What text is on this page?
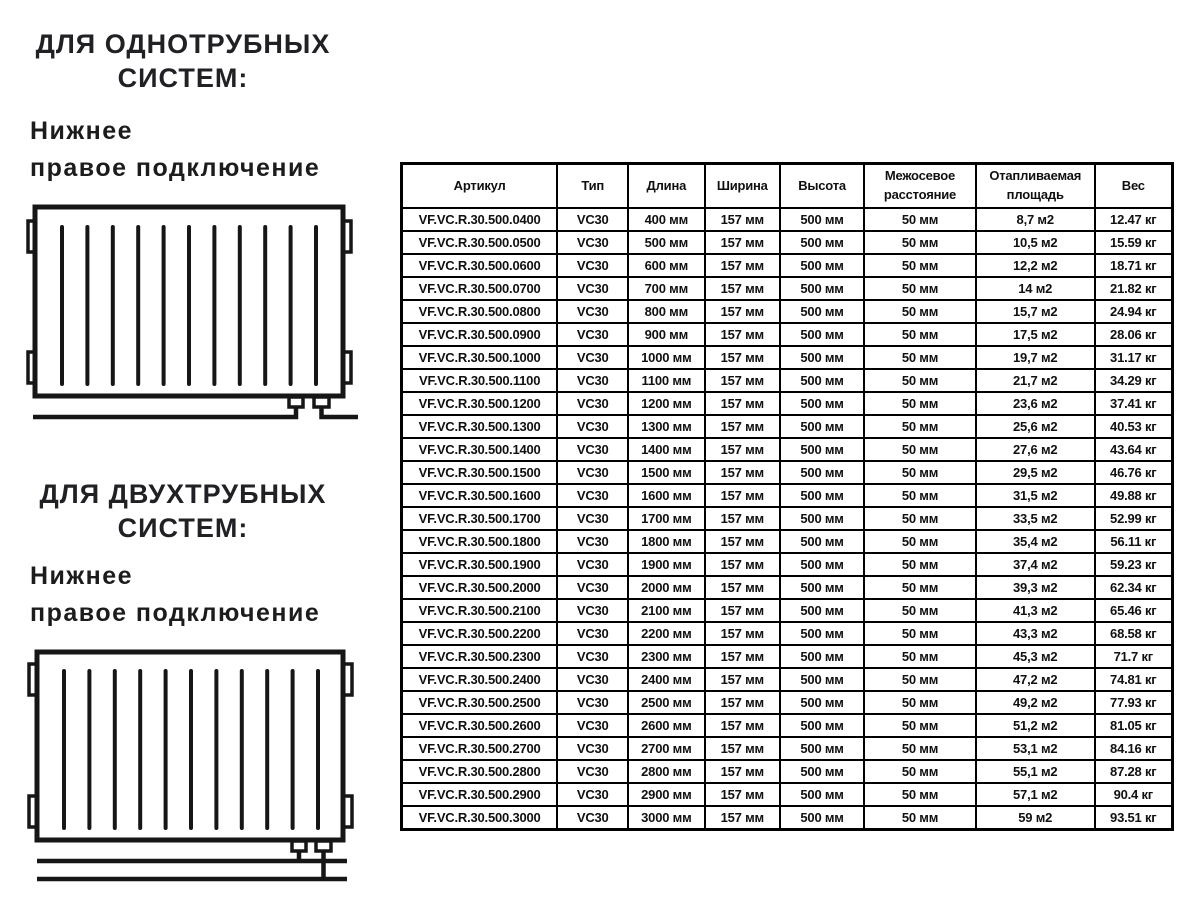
ДЛЯ ОДНОТРУБНЫХ
СИСТЕМ:
Нижнее
правое подключение
ДЛЯ ДВУХТРУБНЫХ
СИСТЕМ:
Нижнее
правое подключение
Артикул	Тип	Длина	Ширина	Высота	Межосевое расстояние	Отапливаемая площадь	Вес
VF.VC.R.30.500.0400	VC30	400 мм	157 мм	500 мм	50 мм	8,7 м2	12.47 кг
VF.VC.R.30.500.0500	VC30	500 мм	157 мм	500 мм	50 мм	10,5 м2	15.59 кг
VF.VC.R.30.500.0600	VC30	600 мм	157 мм	500 мм	50 мм	12,2 м2	18.71 кг
VF.VC.R.30.500.0700	VC30	700 мм	157 мм	500 мм	50 мм	14 м2	21.82 кг
VF.VC.R.30.500.0800	VC30	800 мм	157 мм	500 мм	50 мм	15,7 м2	24.94 кг
VF.VC.R.30.500.0900	VC30	900 мм	157 мм	500 мм	50 мм	17,5 м2	28.06 кг
VF.VC.R.30.500.1000	VC30	1000 мм	157 мм	500 мм	50 мм	19,7 м2	31.17 кг
VF.VC.R.30.500.1100	VC30	1100 мм	157 мм	500 мм	50 мм	21,7 м2	34.29 кг
VF.VC.R.30.500.1200	VC30	1200 мм	157 мм	500 мм	50 мм	23,6 м2	37.41 кг
VF.VC.R.30.500.1300	VC30	1300 мм	157 мм	500 мм	50 мм	25,6 м2	40.53 кг
VF.VC.R.30.500.1400	VC30	1400 мм	157 мм	500 мм	50 мм	27,6 м2	43.64 кг
VF.VC.R.30.500.1500	VC30	1500 мм	157 мм	500 мм	50 мм	29,5 м2	46.76 кг
VF.VC.R.30.500.1600	VC30	1600 мм	157 мм	500 мм	50 мм	31,5 м2	49.88 кг
VF.VC.R.30.500.1700	VC30	1700 мм	157 мм	500 мм	50 мм	33,5 м2	52.99 кг
VF.VC.R.30.500.1800	VC30	1800 мм	157 мм	500 мм	50 мм	35,4 м2	56.11 кг
VF.VC.R.30.500.1900	VC30	1900 мм	157 мм	500 мм	50 мм	37,4 м2	59.23 кг
VF.VC.R.30.500.2000	VC30	2000 мм	157 мм	500 мм	50 мм	39,3 м2	62.34 кг
VF.VC.R.30.500.2100	VC30	2100 мм	157 мм	500 мм	50 мм	41,3 м2	65.46 кг
VF.VC.R.30.500.2200	VC30	2200 мм	157 мм	500 мм	50 мм	43,3 м2	68.58 кг
VF.VC.R.30.500.2300	VC30	2300 мм	157 мм	500 мм	50 мм	45,3 м2	71.7 кг
VF.VC.R.30.500.2400	VC30	2400 мм	157 мм	500 мм	50 мм	47,2 м2	74.81 кг
VF.VC.R.30.500.2500	VC30	2500 мм	157 мм	500 мм	50 мм	49,2 м2	77.93 кг
VF.VC.R.30.500.2600	VC30	2600 мм	157 мм	500 мм	50 мм	51,2 м2	81.05 кг
VF.VC.R.30.500.2700	VC30	2700 мм	157 мм	500 мм	50 мм	53,1 м2	84.16 кг
VF.VC.R.30.500.2800	VC30	2800 мм	157 мм	500 мм	50 мм	55,1 м2	87.28 кг
VF.VC.R.30.500.2900	VC30	2900 мм	157 мм	500 мм	50 мм	57,1 м2	90.4 кг
VF.VC.R.30.500.3000	VC30	3000 мм	157 мм	500 мм	50 мм	59 м2	93.51 кг
